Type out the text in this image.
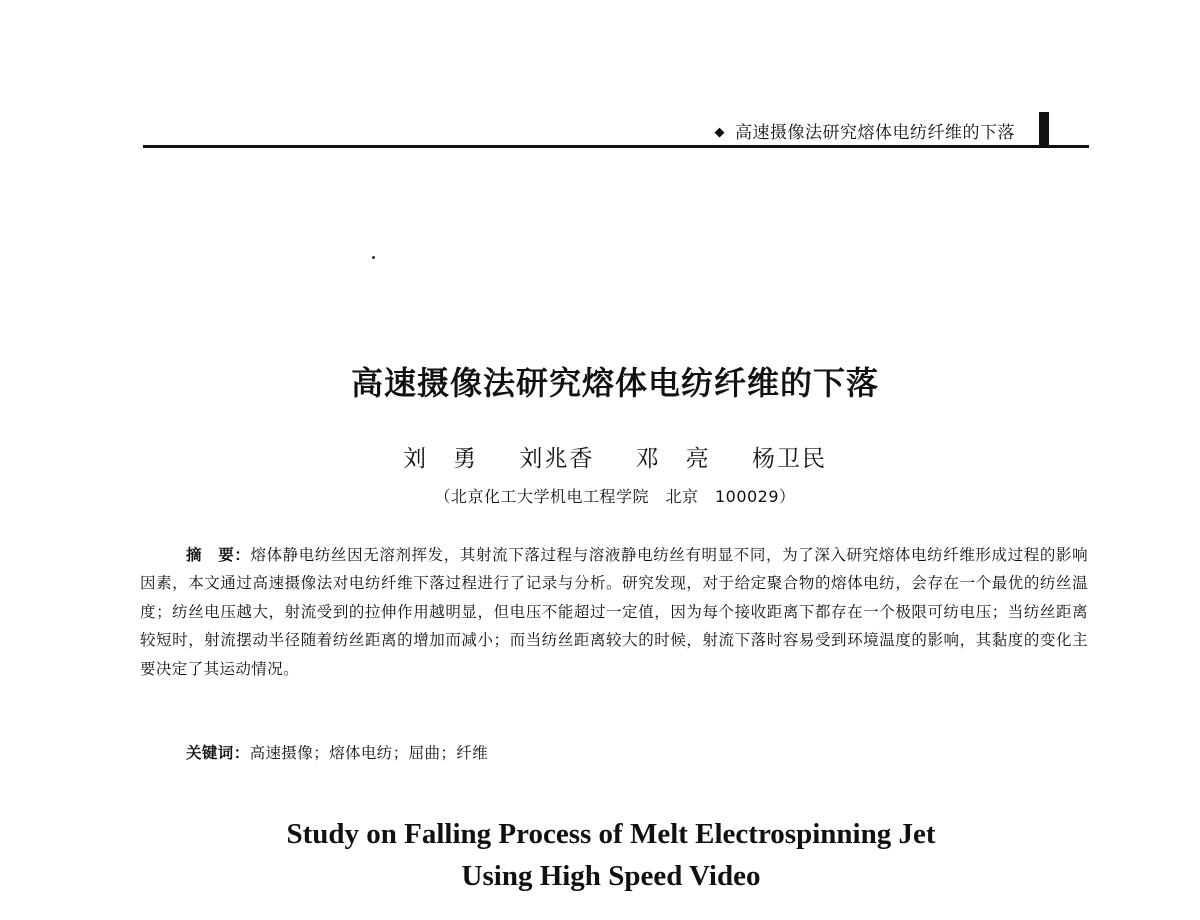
◆ 高速摄像法研究熔体电纺纤维的下落
高速摄像法研究熔体电纺纤维的下落
刘　勇 刘兆香 邓　亮 杨卫民
（北京化工大学机电工程学院　北京　100029）

摘　要：熔体静电纺丝因无溶剂挥发，其射流下落过程与溶液静电纺丝有明显不同，为了深入研究熔体电纺纤维形成过程的影响因素，本文通过高速摄像法对电纺纤维下落过程进行了记录与分析。研究发现，对于给定聚合物的熔体电纺，会存在一个最优的纺丝温度；纺丝电压越大，射流受到的拉伸作用越明显，但电压不能超过一定值，因为每个接收距离下都存在一个极限可纺电压；当纺丝距离较短时，射流摆动半径随着纺丝距离的增加而减小；而当纺丝距离较大的时候，射流下落时容易受到环境温度的影响，其黏度的变化主要决定了其运动情况。

关键词：高速摄像；熔体电纺；屈曲；纤维
Study on Falling Process of Melt Electrospinning Jet
Using High Speed Video
